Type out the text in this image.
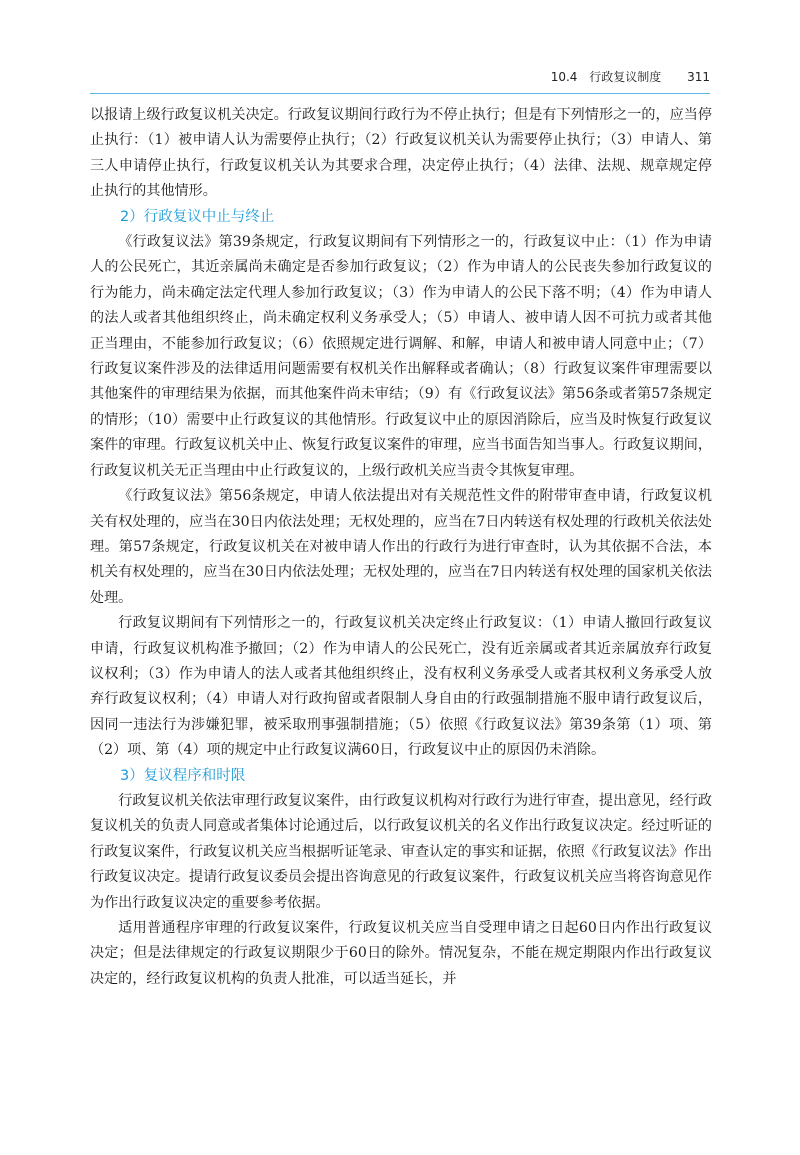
10.4 行政复议制度 311

以报请上级行政复议机关决定。行政复议期间行政行为不停止执行；但是有下列情形之一的，应当停止执行：（1）被申请人认为需要停止执行；（2）行政复议机关认为需要停止执行；（3）申请人、第三人申请停止执行，行政复议机关认为其要求合理，决定停止执行；（4）法律、法规、规章规定停止执行的其他情形。

2）行政复议中止与终止

《行政复议法》第39条规定，行政复议期间有下列情形之一的，行政复议中止：（1）作为申请人的公民死亡，其近亲属尚未确定是否参加行政复议；（2）作为申请人的公民丧失参加行政复议的行为能力，尚未确定法定代理人参加行政复议；（3）作为申请人的公民下落不明；（4）作为申请人的法人或者其他组织终止，尚未确定权利义务承受人；（5）申请人、被申请人因不可抗力或者其他正当理由，不能参加行政复议；（6）依照规定进行调解、和解，申请人和被申请人同意中止；（7）行政复议案件涉及的法律适用问题需要有权机关作出解释或者确认；（8）行政复议案件审理需要以其他案件的审理结果为依据，而其他案件尚未审结；（9）有《行政复议法》第56条或者第57条规定的情形；（10）需要中止行政复议的其他情形。行政复议中止的原因消除后，应当及时恢复行政复议案件的审理。行政复议机关中止、恢复行政复议案件的审理，应当书面告知当事人。行政复议期间，行政复议机关无正当理由中止行政复议的，上级行政机关应当责令其恢复审理。

《行政复议法》第56条规定，申请人依法提出对有关规范性文件的附带审查申请，行政复议机关有权处理的，应当在30日内依法处理；无权处理的，应当在7日内转送有权处理的行政机关依法处理。第57条规定，行政复议机关在对被申请人作出的行政行为进行审查时，认为其依据不合法，本机关有权处理的，应当在30日内依法处理；无权处理的，应当在7日内转送有权处理的国家机关依法处理。

行政复议期间有下列情形之一的，行政复议机关决定终止行政复议：（1）申请人撤回行政复议申请，行政复议机构准予撤回；（2）作为申请人的公民死亡，没有近亲属或者其近亲属放弃行政复议权利；（3）作为申请人的法人或者其他组织终止，没有权利义务承受人或者其权利义务承受人放弃行政复议权利；（4）申请人对行政拘留或者限制人身自由的行政强制措施不服申请行政复议后，因同一违法行为涉嫌犯罪，被采取刑事强制措施；（5）依照《行政复议法》第39条第（1）项、第（2）项、第（4）项的规定中止行政复议满60日，行政复议中止的原因仍未消除。

3）复议程序和时限

行政复议机关依法审理行政复议案件，由行政复议机构对行政行为进行审查，提出意见，经行政复议机关的负责人同意或者集体讨论通过后，以行政复议机关的名义作出行政复议决定。经过听证的行政复议案件，行政复议机关应当根据听证笔录、审查认定的事实和证据，依照《行政复议法》作出行政复议决定。提请行政复议委员会提出咨询意见的行政复议案件，行政复议机关应当将咨询意见作为作出行政复议决定的重要参考依据。

适用普通程序审理的行政复议案件，行政复议机关应当自受理申请之日起60日内作出行政复议决定；但是法律规定的行政复议期限少于60日的除外。情况复杂，不能在规定期限内作出行政复议决定的，经行政复议机构的负责人批准，可以适当延长，并
